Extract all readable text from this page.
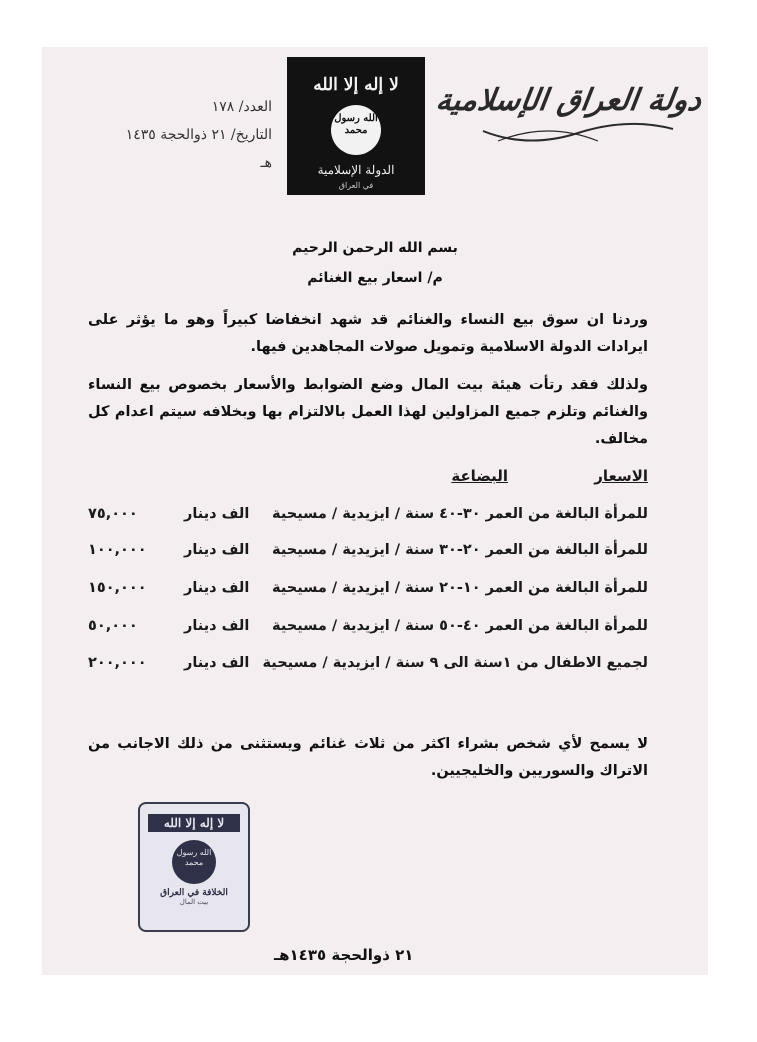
العدد/ ١٧٨
التاريخ/ ٢١ ذوالحجة ١٤٣٥ هـ
لا إله إلا الله
الله رسول محمد
الدولة الإسلامية
في العراق
دولة العراق الإسلامية
بسم الله الرحمن الرحيم
م/ اسعار بيع الغنائم
وردنا ان سوق بيع النساء والغنائم قد شهد انخفاضا كبيراً وهو ما يؤثر على ايرادات الدولة الاسلامية وتمويل صولات المجاهدين فيها.
ولذلك فقد رتأت هيئة بيت المال وضع الضوابط والأسعار بخصوص بيع النساء والغنائم وتلزم جميع المزاولين لهذا العمل بالالتزام بها وبخلافه سيتم اعدام كل مخالف.
الاسعار
البضاعة
للمرأة البالغة من العمر ٣٠-٤٠ سنة / ايزيدية / مسيحية
الف دينار
٧٥,٠٠٠
للمرأة البالغة من العمر ٢٠-٣٠ سنة / ايزيدية / مسيحية
الف دينار
١٠٠,٠٠٠
للمرأة البالغة من العمر ١٠-٢٠ سنة / ايزيدية / مسيحية
الف دينار
١٥٠,٠٠٠
للمرأة البالغة من العمر ٤٠-٥٠ سنة / ايزيدية / مسيحية
الف دينار
٥٠,٠٠٠
لجميع الاطفال من ١سنة الى ٩ سنة / ايزيدية / مسيحية
الف دينار
٢٠٠,٠٠٠
لا يسمح لأي شخص بشراء اكثر من ثلاث غنائم ويستثنى من ذلك الاجانب من الاتراك والسوريين والخليجيين.
لا إله إلا الله
الله رسول محمد
الخلافة في العراق
بيت المال
٢١ ذوالحجة ١٤٣٥هـ
